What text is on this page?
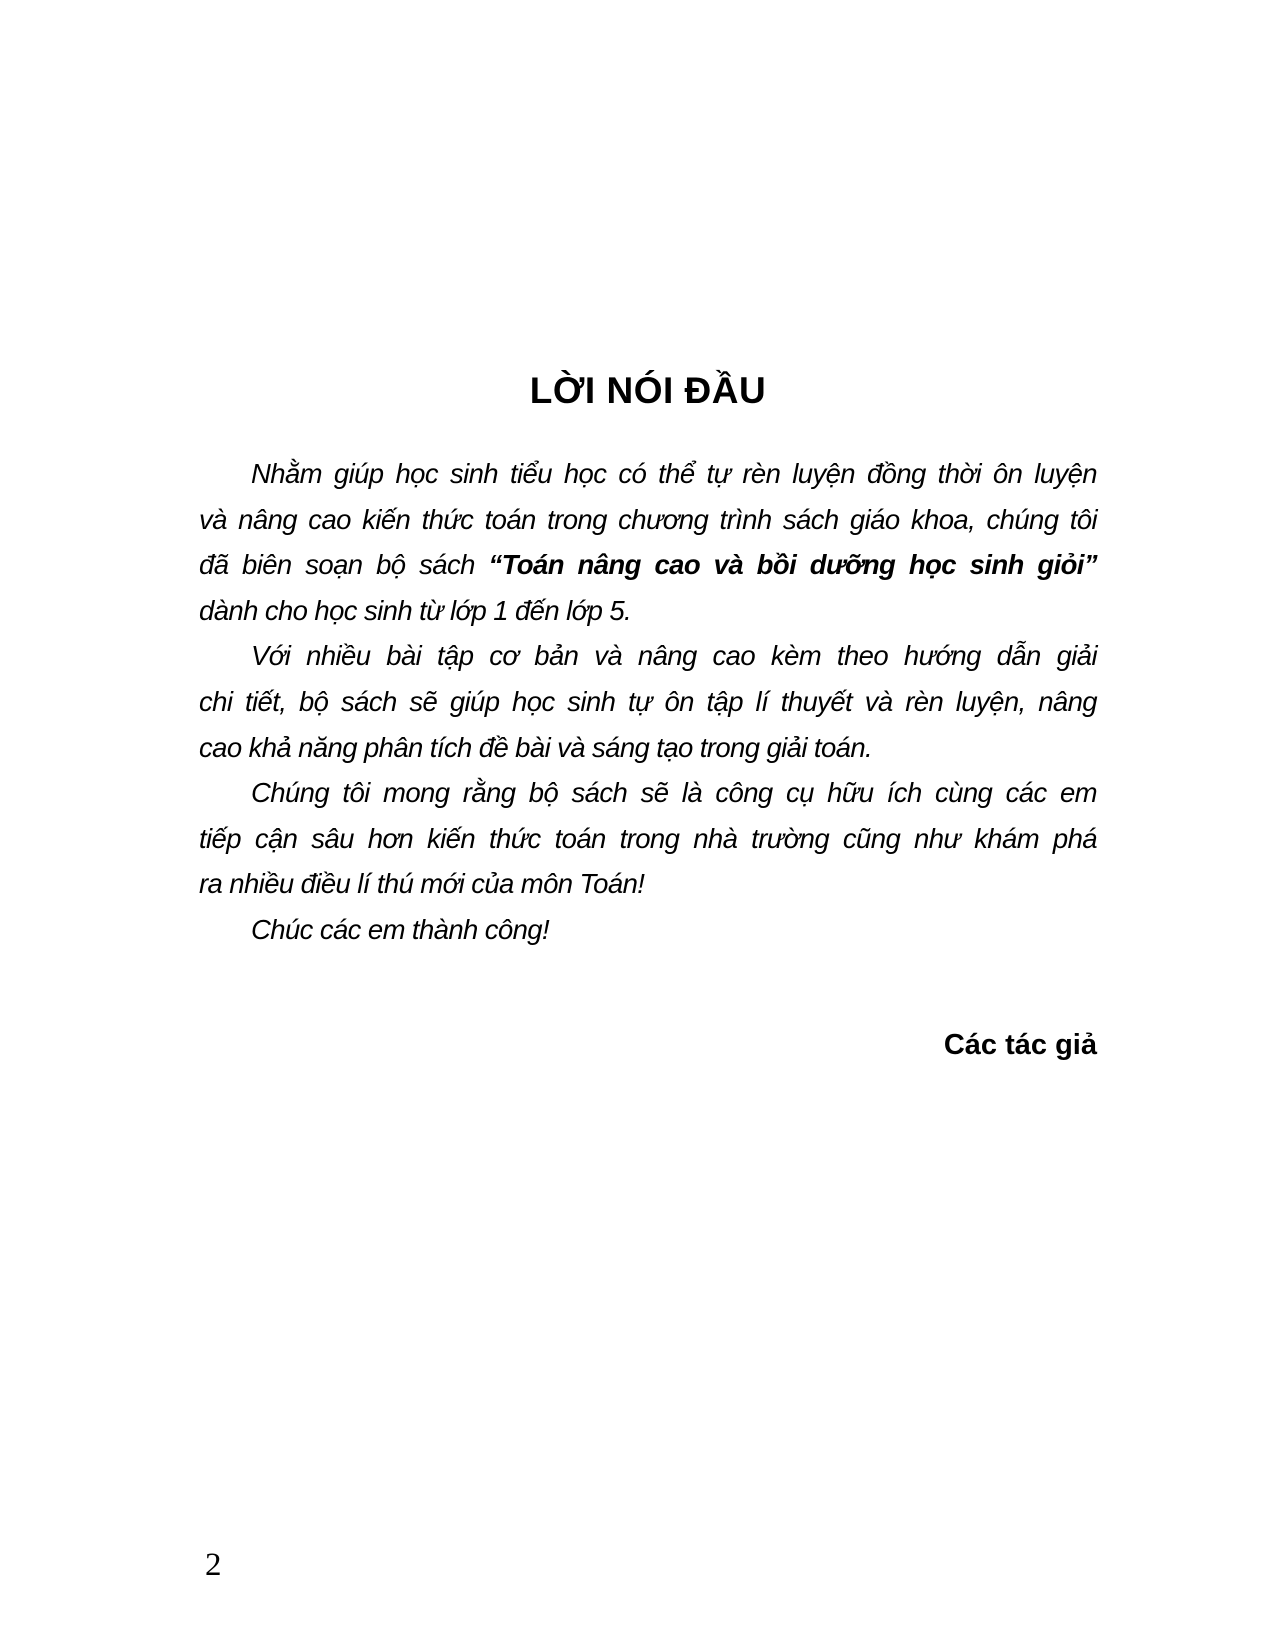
LỜI NÓI ĐẦU
Nhằm giúp học sinh tiểu học có thể tự rèn luyện đồng thời ôn luyện
và nâng cao kiến thức toán trong chương trình sách giáo khoa, chúng tôi
đã biên soạn bộ sách “Toán nâng cao và bồi dưỡng học sinh giỏi”
dành cho học sinh từ lớp 1 đến lớp 5.
Với nhiều bài tập cơ bản và nâng cao kèm theo hướng dẫn giải
chi tiết, bộ sách sẽ giúp học sinh tự ôn tập lí thuyết và rèn luyện, nâng
cao khả năng phân tích đề bài và sáng tạo trong giải toán.
Chúng tôi mong rằng bộ sách sẽ là công cụ hữu ích cùng các em
tiếp cận sâu hơn kiến thức toán trong nhà trường cũng như khám phá
ra nhiều điều lí thú mới của môn Toán!
Chúc các em thành công!
Các tác giả
2
